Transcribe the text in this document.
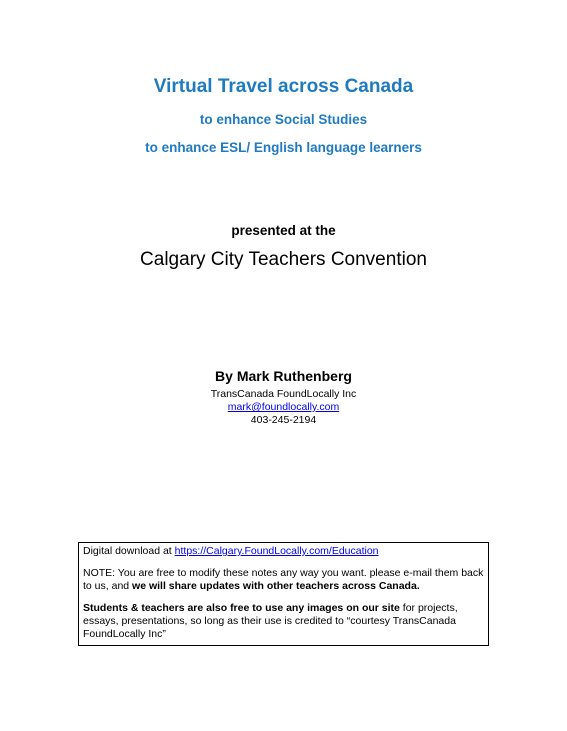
Virtual Travel across Canada
to enhance Social Studies
to enhance ESL/ English language learners
presented at the
Calgary City Teachers Convention
By Mark Ruthenberg
TransCanada FoundLocally Inc
mark@foundlocally.com
403-245-2194

Digital download at https://Calgary.FoundLocally.com/Education

NOTE: You are free to modify these notes any way you want. please e-mail them back to us, and we will share updates with other teachers across Canada.

Students & teachers are also free to use any images on our site for projects, essays, presentations, so long as their use is credited to “courtesy TransCanada FoundLocally Inc”
